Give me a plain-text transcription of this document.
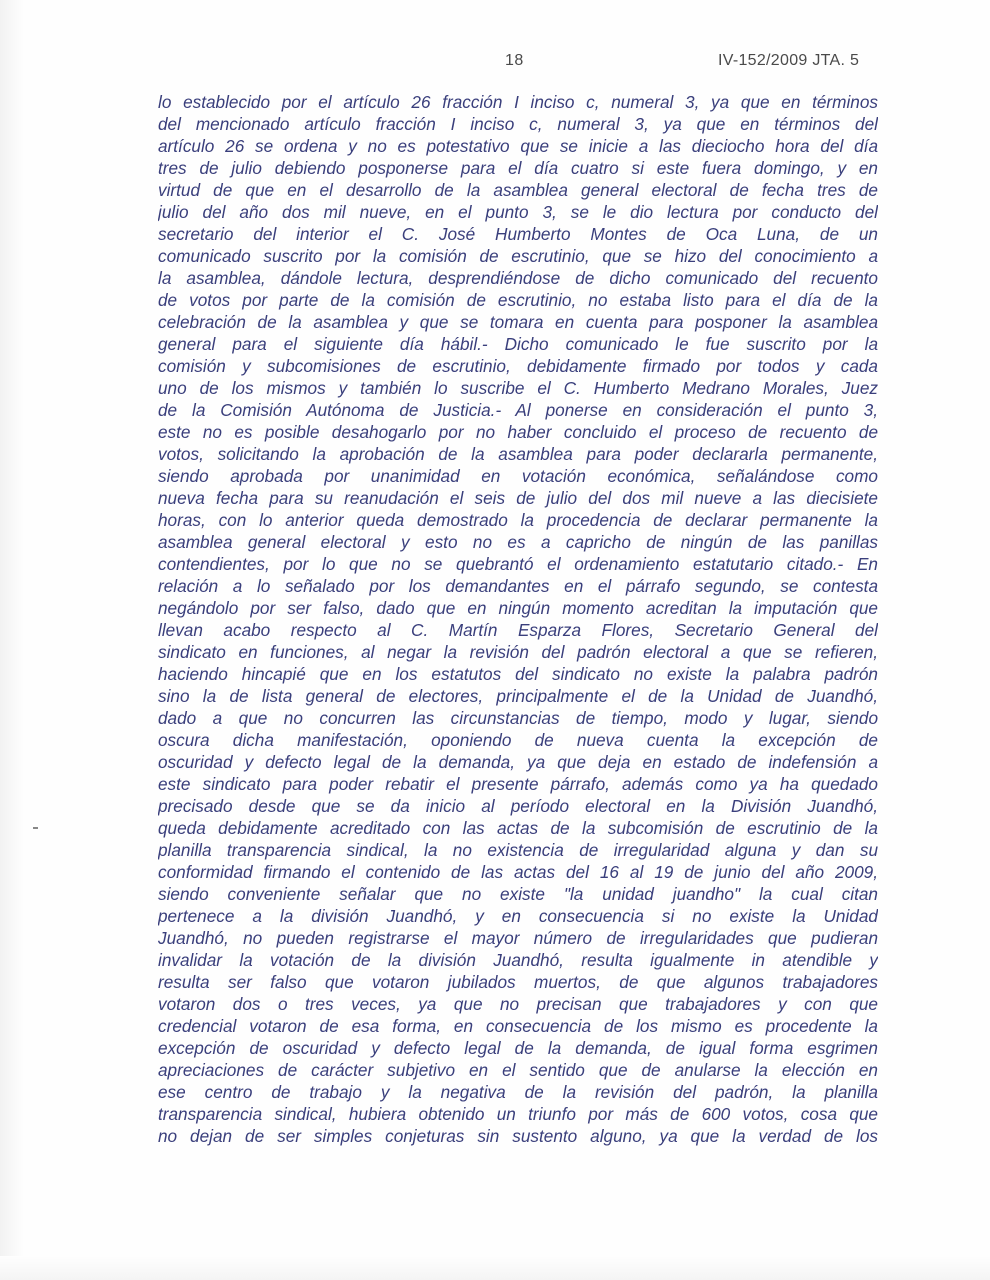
18	IV-152/2009 JTA. 5
lo establecido por el artículo 26 fracción I inciso c, numeral 3, ya que en términos
del mencionado artículo fracción I inciso c, numeral 3, ya que en términos del
artículo 26 se ordena y no es potestativo que se inicie a las dieciocho hora del día
tres de julio debiendo posponerse para el día cuatro si este fuera domingo, y en
virtud de que en el desarrollo de la asamblea general electoral de fecha tres de
julio del año dos mil nueve, en el punto 3, se le dio lectura por conducto del
secretario del interior el C. José Humberto Montes de Oca Luna, de un
comunicado suscrito por la comisión de escrutinio, que se hizo del conocimiento a
la asamblea, dándole lectura, desprendiéndose de dicho comunicado del recuento
de votos por parte de la comisión de escrutinio, no estaba listo para el día de la
celebración de la asamblea y que se tomara en cuenta para posponer la asamblea
general para el siguiente día hábil.- Dicho comunicado le fue suscrito por la
comisión y subcomisiones de escrutinio, debidamente firmado por todos y cada
uno de los mismos y también lo suscribe el C. Humberto Medrano Morales, Juez
de la Comisión Autónoma de Justicia.- Al ponerse en consideración el punto 3,
este no es posible desahogarlo por no haber concluido el proceso de recuento de
votos, solicitando la aprobación de la asamblea para poder declararla permanente,
siendo aprobada por unanimidad en votación económica, señalándose como
nueva fecha para su reanudación el seis de julio del dos mil nueve a las diecisiete
horas, con lo anterior queda demostrado la procedencia de declarar permanente la
asamblea general electoral y esto no es a capricho de ningún de las panillas
contendientes, por lo que no se quebrantó el ordenamiento estatutario citado.- En
relación a lo señalado por los demandantes en el párrafo segundo, se contesta
negándolo por ser falso, dado que en ningún momento acreditan la imputación que
llevan acabo respecto al C. Martín Esparza Flores, Secretario General del
sindicato en funciones, al negar la revisión del padrón electoral a que se refieren,
haciendo hincapié que en los estatutos del sindicato no existe la palabra padrón
sino la de lista general de electores, principalmente el de la Unidad de Juandhó,
dado a que no concurren las circunstancias de tiempo, modo y lugar, siendo
oscura dicha manifestación, oponiendo de nueva cuenta la excepción de
oscuridad y defecto legal de la demanda, ya que deja en estado de indefensión a
este sindicato para poder rebatir el presente párrafo, además como ya ha quedado
precisado desde que se da inicio al período electoral en la División Juandhó,
queda debidamente acreditado con las actas de la subcomisión de escrutinio de la
planilla transparencia sindical, la no existencia de irregularidad alguna y dan su
conformidad firmando el contenido de las actas del 16 al 19 de junio del año 2009,
siendo conveniente señalar que no existe "la unidad juandho" la cual citan
pertenece a la división Juandhó, y en consecuencia si no existe la Unidad
Juandhó, no pueden registrarse el mayor número de irregularidades que pudieran
invalidar la votación de la división Juandhó, resulta igualmente in atendible y
resulta ser falso que votaron jubilados muertos, de que algunos trabajadores
votaron dos o tres veces, ya que no precisan que trabajadores y con que
credencial votaron de esa forma, en consecuencia de los mismo es procedente la
excepción de oscuridad y defecto legal de la demanda, de igual forma esgrimen
apreciaciones de carácter subjetivo en el sentido que de anularse la elección en
ese centro de trabajo y la negativa de la revisión del padrón, la planilla
transparencia sindical, hubiera obtenido un triunfo por más de 600 votos, cosa que
no dejan de ser simples conjeturas sin sustento alguno, ya que la verdad de los
